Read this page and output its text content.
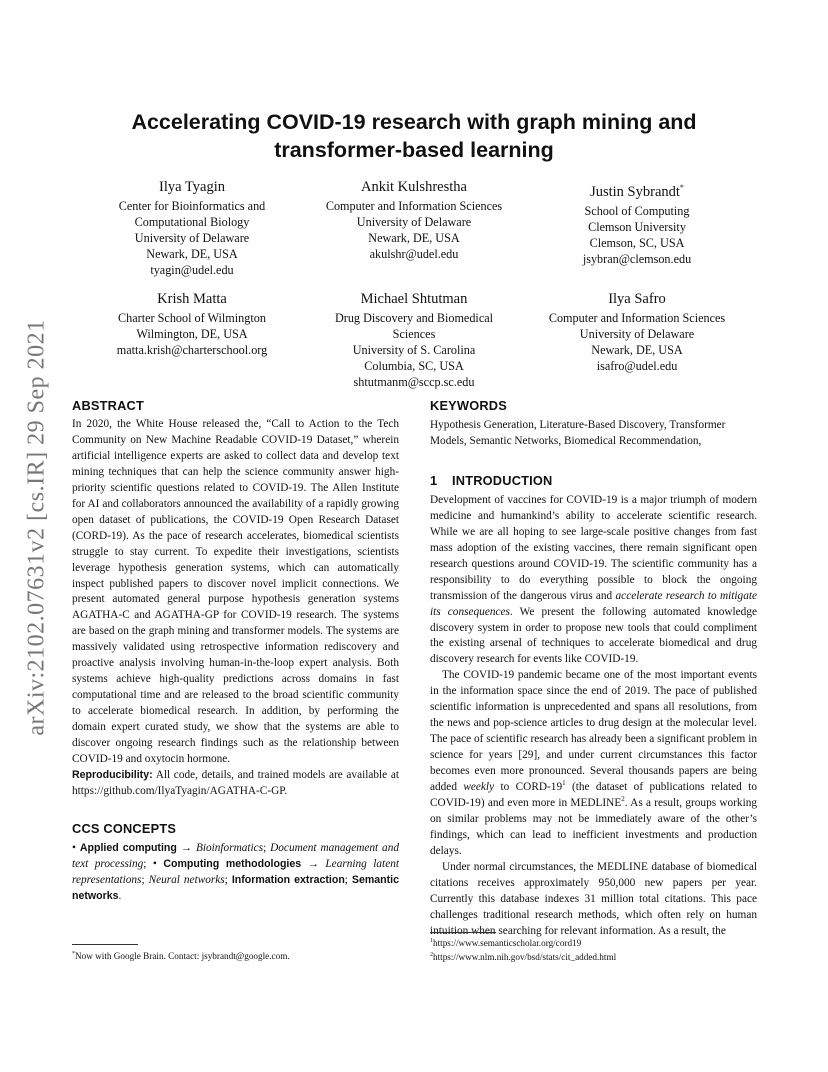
arXiv:2102.07631v2 [cs.IR] 29 Sep 2021
Accelerating COVID-19 research with graph mining and
transformer-based learning
Ilya Tyagin
Center for Bioinformatics and
Computational Biology
University of Delaware
Newark, DE, USA
tyagin@udel.edu
Ankit Kulshrestha
Computer and Information Sciences
University of Delaware
Newark, DE, USA
akulshr@udel.edu
Justin Sybrandt*
School of Computing
Clemson University
Clemson, SC, USA
jsybran@clemson.edu
Krish Matta
Charter School of Wilmington
Wilmington, DE, USA
matta.krish@charterschool.org
Michael Shtutman
Drug Discovery and Biomedical
Sciences
University of S. Carolina
Columbia, SC, USA
shtutmanm@sccp.sc.edu
Ilya Safro
Computer and Information Sciences
University of Delaware
Newark, DE, USA
isafro@udel.edu
ABSTRACT

In 2020, the White House released the, “Call to Action to the Tech Community on New Machine Readable COVID-19 Dataset,” wherein artificial intelligence experts are asked to collect data and develop text mining techniques that can help the science community answer high-priority scientific questions related to COVID-19. The Allen Institute for AI and collaborators announced the availability of a rapidly growing open dataset of publications, the COVID-19 Open Research Dataset (CORD-19). As the pace of research accelerates, biomedical scientists struggle to stay current. To expedite their investigations, scientists leverage hypothesis generation systems, which can automatically inspect published papers to discover novel implicit connections. We present automated general purpose hypothesis generation systems AGATHA-C and AGATHA-GP for COVID-19 research. The systems are based on the graph mining and transformer models. The systems are massively validated using retrospective information rediscovery and proactive analysis involving human-in-the-loop expert analysis. Both systems achieve high-quality predictions across domains in fast computational time and are released to the broad scientific community to accelerate biomedical research. In addition, by performing the domain expert curated study, we show that the systems are able to discover ongoing research findings such as the relationship between COVID-19 and oxytocin hormone.

Reproducibility: All code, details, and trained models are available at https://github.com/IlyaTyagin/AGATHA-C-GP.

CCS CONCEPTS

• Applied computing → Bioinformatics; Document management and text processing; • Computing methodologies → Learning latent representations; Neural networks; Information extraction; Semantic networks.

*Now with Google Brain. Contact: jsybrandt@google.com.
KEYWORDS

Hypothesis Generation, Literature-Based Discovery, Transformer Models, Semantic Networks, Biomedical Recommendation,

1 INTRODUCTION

Development of vaccines for COVID-19 is a major triumph of modern medicine and humankind’s ability to accelerate scientific research. While we are all hoping to see large-scale positive changes from fast mass adoption of the existing vaccines, there remain significant open research questions around COVID-19. The scientific community has a responsibility to do everything possible to block the ongoing transmission of the dangerous virus and accelerate research to mitigate its consequences. We present the following automated knowledge discovery system in order to propose new tools that could compliment the existing arsenal of techniques to accelerate biomedical and drug discovery research for events like COVID-19.

The COVID-19 pandemic became one of the most important events in the information space since the end of 2019. The pace of published scientific information is unprecedented and spans all resolutions, from the news and pop-science articles to drug design at the molecular level. The pace of scientific research has already been a significant problem in science for years [29], and under current circumstances this factor becomes even more pronounced. Several thousands papers are being added weekly to CORD-$19^1$ (the dataset of publications related to COVID-19) and even more in MEDLINE$^2$. As a result, groups working on similar problems may not be immediately aware of the other’s findings, which can lead to inefficient investments and production delays.

Under normal circumstances, the MEDLINE database of biomedical citations receives approximately 950,000 new papers per year. Currently this database indexes 31 million total citations. This pace challenges traditional research methods, which often rely on human intuition when searching for relevant information. As a result, the

$^1$https://www.semanticscholar.org/cord19
$^2$https://www.nlm.nih.gov/bsd/stats/cit_added.html
